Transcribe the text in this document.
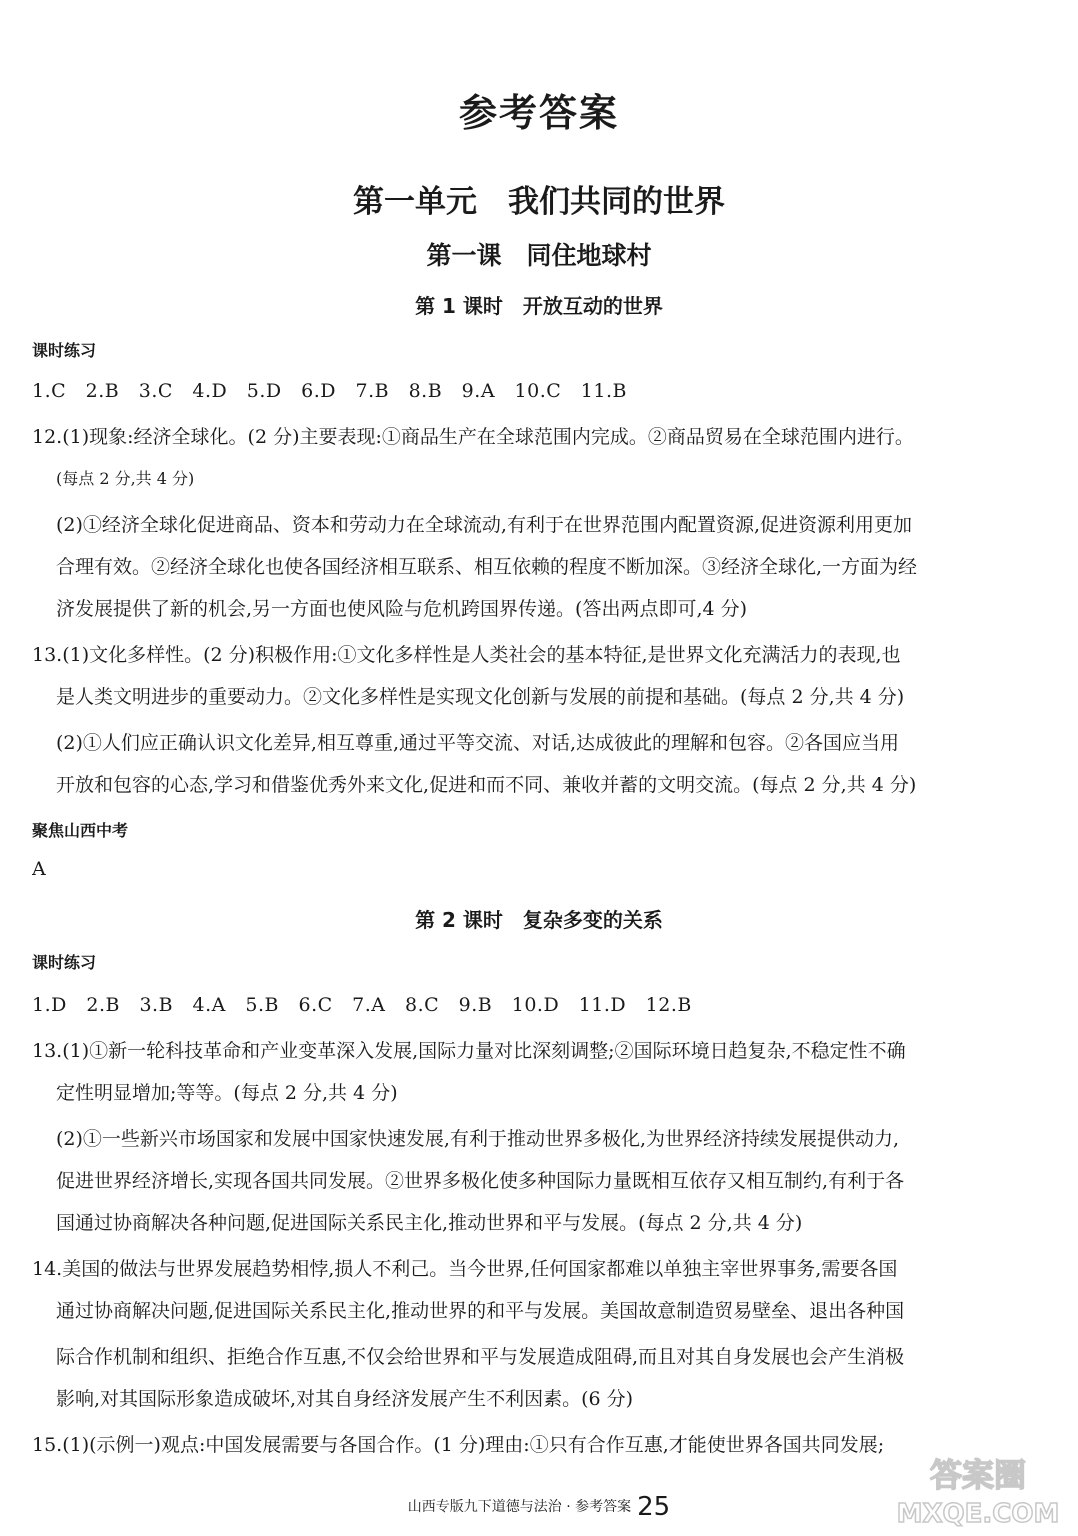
参考答案
第一单元　我们共同的世界
第一课　同住地球村
第 1 课时　开放互动的世界
课时练习
1.C　2.B　3.C　4.D　5.D　6.D　7.B　8.B　9.A　10.C　11.B
12.(1)现象:经济全球化。(2 分)主要表现:①商品生产在全球范围内完成。②商品贸易在全球范围内进行。
(每点 2 分,共 4 分)
(2)①经济全球化促进商品、资本和劳动力在全球流动,有利于在世界范围内配置资源,促进资源利用更加
合理有效。②经济全球化也使各国经济相互联系、相互依赖的程度不断加深。③经济全球化,一方面为经
济发展提供了新的机会,另一方面也使风险与危机跨国界传递。(答出两点即可,4 分)
13.(1)文化多样性。(2 分)积极作用:①文化多样性是人类社会的基本特征,是世界文化充满活力的表现,也
是人类文明进步的重要动力。②文化多样性是实现文化创新与发展的前提和基础。(每点 2 分,共 4 分)
(2)①人们应正确认识文化差异,相互尊重,通过平等交流、对话,达成彼此的理解和包容。②各国应当用
开放和包容的心态,学习和借鉴优秀外来文化,促进和而不同、兼收并蓄的文明交流。(每点 2 分,共 4 分)
聚焦山西中考
A
第 2 课时　复杂多变的关系
课时练习
1.D　2.B　3.B　4.A　5.B　6.C　7.A　8.C　9.B　10.D　11.D　12.B
13.(1)①新一轮科技革命和产业变革深入发展,国际力量对比深刻调整;②国际环境日趋复杂,不稳定性不确
定性明显增加;等等。(每点 2 分,共 4 分)
(2)①一些新兴市场国家和发展中国家快速发展,有利于推动世界多极化,为世界经济持续发展提供动力,
促进世界经济增长,实现各国共同发展。②世界多极化使多种国际力量既相互依存又相互制约,有利于各
国通过协商解决各种问题,促进国际关系民主化,推动世界和平与发展。(每点 2 分,共 4 分)
14.美国的做法与世界发展趋势相悖,损人不利己。当今世界,任何国家都难以单独主宰世界事务,需要各国
通过协商解决问题,促进国际关系民主化,推动世界的和平与发展。美国故意制造贸易壁垒、退出各种国
际合作机制和组织、拒绝合作互惠,不仅会给世界和平与发展造成阻碍,而且对其自身发展也会产生消极
影响,对其国际形象造成破坏,对其自身经济发展产生不利因素。(6 分)
15.(1)(示例一)观点:中国发展需要与各国合作。(1 分)理由:①只有合作互惠,才能使世界各国共同发展;
山西专版九下道德与法治 · 参考答案 25
答案圈
MXQE.COM
